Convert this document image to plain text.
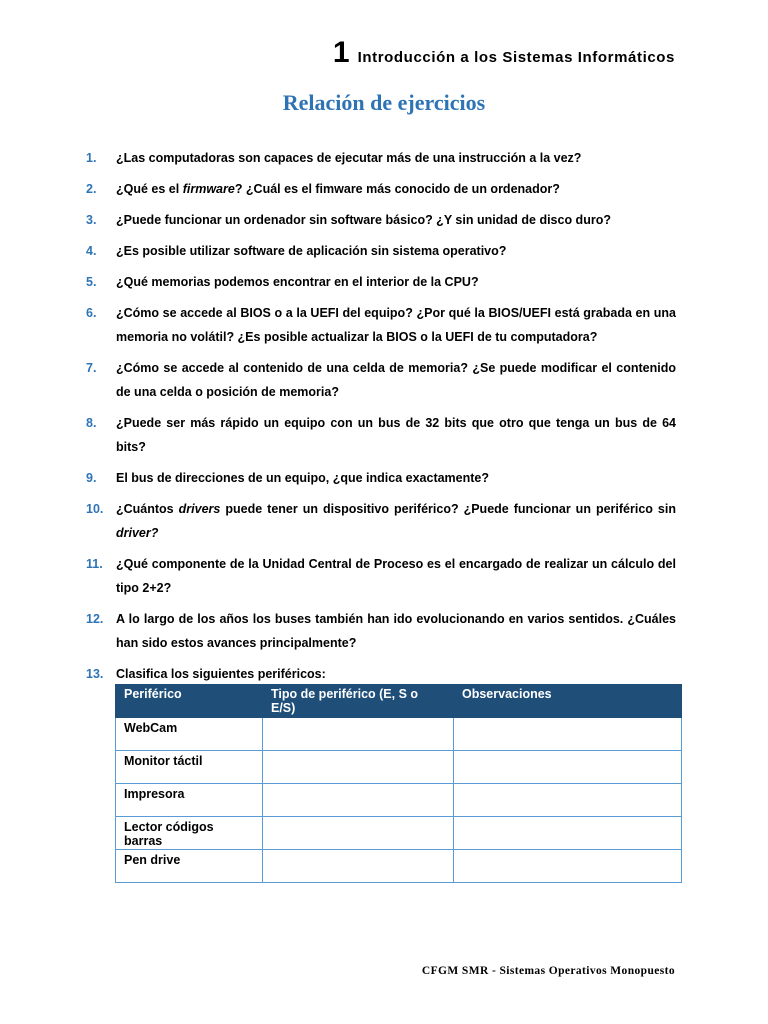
1 Introducción a los Sistemas Informáticos
Relación de ejercicios
1.	¿Las computadoras son capaces de ejecutar más de una instrucción a la vez?
2.	¿Qué es el firmware? ¿Cuál es el fimware más conocido de un ordenador?
3.	¿Puede funcionar un ordenador sin software básico? ¿Y sin unidad de disco duro?
4.	¿Es posible utilizar software de aplicación sin sistema operativo?
5.	¿Qué memorias podemos encontrar en el interior de la CPU?
6.	¿Cómo se accede al BIOS o a la UEFI del equipo? ¿Por qué la BIOS/UEFI está grabada en una memoria no volátil? ¿Es posible actualizar la BIOS o la UEFI de tu computadora?
7.	¿Cómo se accede al contenido de una celda de memoria? ¿Se puede modificar el contenido de una celda o posición de memoria?
8.	¿Puede ser más rápido un equipo con un bus de 32 bits que otro que tenga un bus de 64 bits?
9.	El bus de direcciones de un equipo, ¿que indica exactamente?
10.	¿Cuántos drivers puede tener un dispositivo periférico? ¿Puede funcionar un periférico sin driver?
11.	¿Qué componente de la Unidad Central de Proceso es el encargado de realizar un cálculo del tipo 2+2?
12.	A lo largo de los años los buses también han ido evolucionando en varios sentidos. ¿Cuáles han sido estos avances principalmente?
13.	Clasifica los siguientes periféricos:
Periférico	Tipo de periférico (E, S o E/S)	Observaciones
WebCam		
Monitor táctil		
Impresora		
Lector códigos barras		
Pen drive		
CFGM SMR - Sistemas Operativos Monopuesto
